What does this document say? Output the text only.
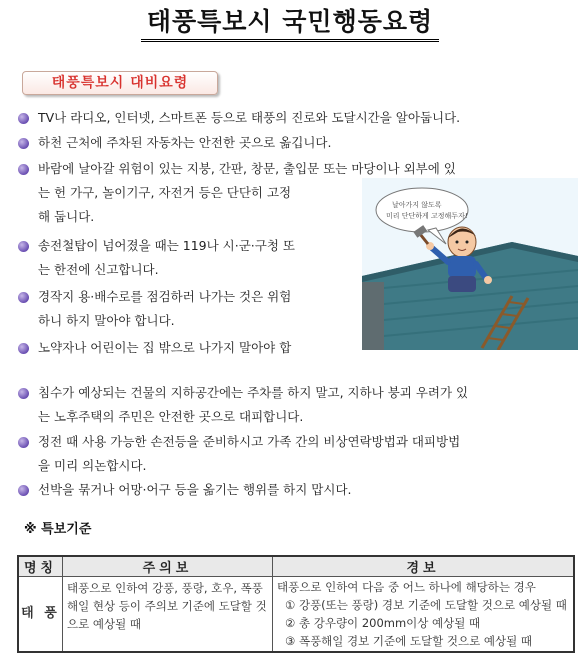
태풍특보시 국민행동요령
태풍특보시 대비요령
TV나 라디오, 인터넷, 스마트폰 등으로 태풍의 진로와 도달시간을 알아둡니다.
하천 근처에 주차된 자동차는 안전한 곳으로 옮깁니다.
바람에 날아갈 위험이 있는 지붕, 간판, 창문, 출입문 또는 마당이나 외부에 있
는 헌 가구, 놀이기구, 자전거 등은 단단히 고정
해 둡니다.
송전철탑이 넘어졌을 때는 119나 시·군·구청 또
는 한전에 신고합니다.
경작지 용·배수로를 점검하러 나가는 것은 위험
하니 하지 말아야 합니다.
노약자나 어린이는 집 밖으로 나가지 말아야 합
침수가 예상되는 건물의 지하공간에는 주차를 하지 말고, 지하나 붕괴 우려가 있
는 노후주택의 주민은 안전한 곳으로 대피합니다.
정전 때 사용 가능한 손전등을 준비하시고 가족 간의 비상연락방법과 대피방법
을 미리 의논합시다.
선박을 묶거나 어망·어구 등을 옮기는 행위를 하지 맙시다.
날아가지 않도록
미리 단단하게 고정해두자!
※ 특보기준
명칭	주의보	경보
태 풍	태풍으로 인하여 강풍, 풍랑, 호우, 폭풍해일 현상 등이 주의보 기준에 도달할 것으로 예상될 때	태풍으로 인하여 다음 중 어느 하나에 해당하는 경우
① 강풍(또는 풍랑) 경보 기준에 도달할 것으로 예상될 때
② 총 강우량이 200mm이상 예상될 때
③ 폭풍해일 경보 기준에 도달할 것으로 예상될 때
